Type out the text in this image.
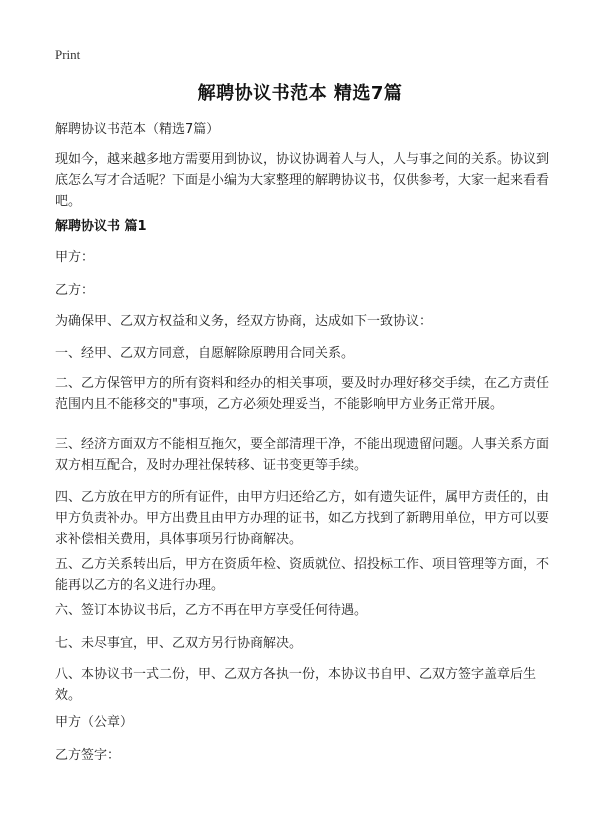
Print
解聘协议书范本 精选7篇

解聘协议书范本（精选7篇）

现如今，越来越多地方需要用到协议，协议协调着人与人，人与事之间的关系。协议到底怎么写才合适呢？下面是小编为大家整理的解聘协议书，仅供参考，大家一起来看看吧。

解聘协议书 篇1

甲方：

乙方：

为确保甲、乙双方权益和义务，经双方协商，达成如下一致协议：

一、经甲、乙双方同意，自愿解除原聘用合同关系。

二、乙方保管甲方的所有资料和经办的相关事项，要及时办理好移交手续，在乙方责任范围内且不能移交的"事项，乙方必须处理妥当，不能影响甲方业务正常开展。

三、经济方面双方不能相互拖欠，要全部清理干净，不能出现遗留问题。人事关系方面双方相互配合，及时办理社保转移、证书变更等手续。

四、乙方放在甲方的所有证件，由甲方归还给乙方，如有遗失证件，属甲方责任的，由甲方负责补办。甲方出费且由甲方办理的证书，如乙方找到了新聘用单位，甲方可以要求补偿相关费用，具体事项另行协商解决。

五、乙方关系转出后，甲方在资质年检、资质就位、招投标工作、项目管理等方面，不能再以乙方的名义进行办理。

六、签订本协议书后，乙方不再在甲方享受任何待遇。

七、未尽事宜，甲、乙双方另行协商解决。

八、本协议书一式二份，甲、乙双方各执一份，本协议书自甲、乙双方签字盖章后生效。

甲方（公章）

乙方签字：
